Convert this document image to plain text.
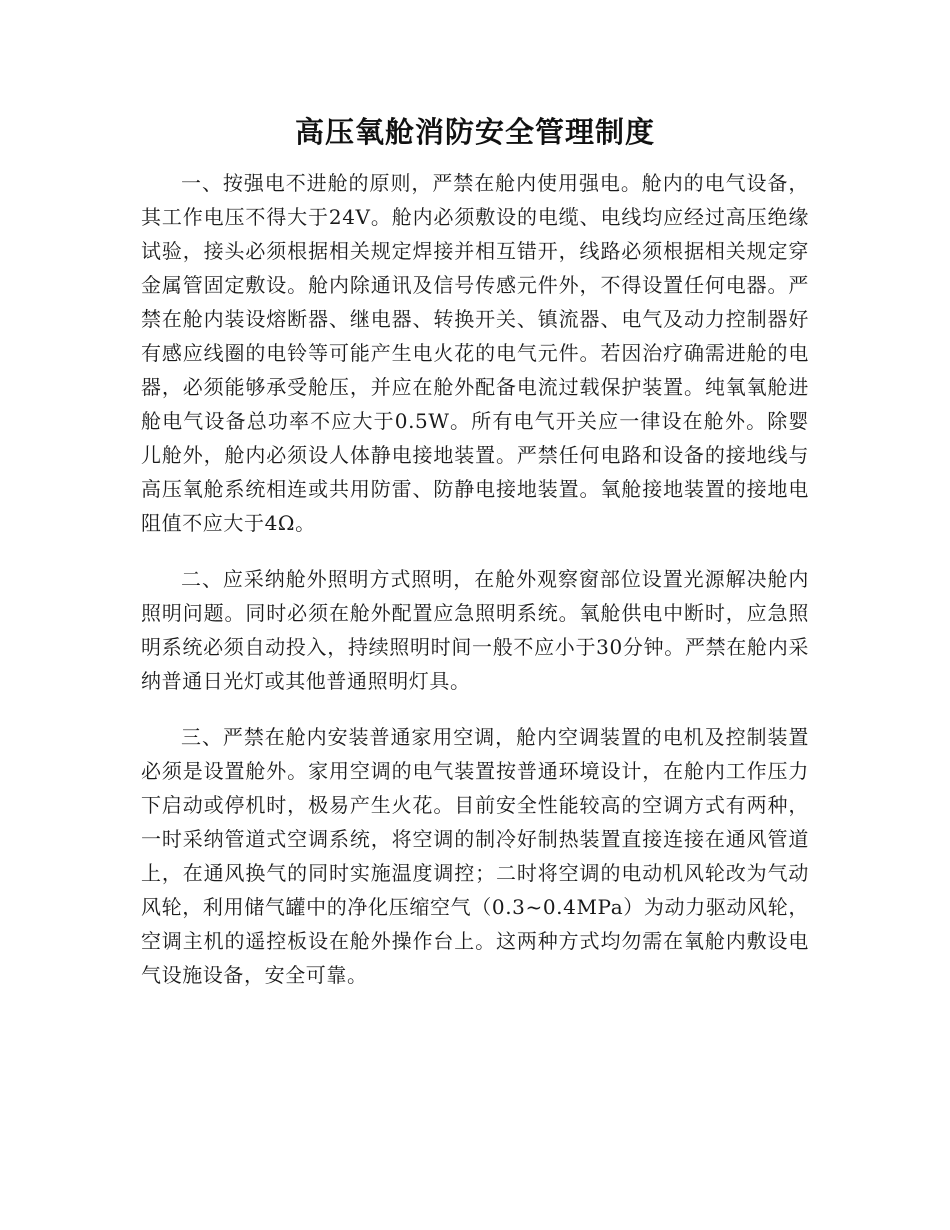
高压氧舱消防安全管理制度

一、按强电不进舱的原则，严禁在舱内使用强电。舱内的电气设备，其工作电压不得大于24V。舱内必须敷设的电缆、电线均应经过高压绝缘试验，接头必须根据相关规定焊接并相互错开，线路必须根据相关规定穿金属管固定敷设。舱内除通讯及信号传感元件外，不得设置任何电器。严禁在舱内装设熔断器、继电器、转换开关、镇流器、电气及动力控制器好有感应线圈的电铃等可能产生电火花的电气元件。若因治疗确需进舱的电器，必须能够承受舱压，并应在舱外配备电流过载保护装置。纯氧氧舱进舱电气设备总功率不应大于0.5W。所有电气开关应一律设在舱外。除婴儿舱外，舱内必须设人体静电接地装置。严禁任何电路和设备的接地线与高压氧舱系统相连或共用防雷、防静电接地装置。氧舱接地装置的接地电阻值不应大于4Ω。

二、应采纳舱外照明方式照明，在舱外观察窗部位设置光源解决舱内照明问题。同时必须在舱外配置应急照明系统。氧舱供电中断时，应急照明系统必须自动投入，持续照明时间一般不应小于30分钟。严禁在舱内采纳普通日光灯或其他普通照明灯具。

三、严禁在舱内安装普通家用空调，舱内空调装置的电机及控制装置必须是设置舱外。家用空调的电气装置按普通环境设计，在舱内工作压力下启动或停机时，极易产生火花。目前安全性能较高的空调方式有两种，一时采纳管道式空调系统，将空调的制冷好制热装置直接连接在通风管道上，在通风换气的同时实施温度调控；二时将空调的电动机风轮改为气动风轮，利用储气罐中的净化压缩空气（0.3~0.4MPa）为动力驱动风轮，空调主机的遥控板设在舱外操作台上。这两种方式均勿需在氧舱内敷设电气设施设备，安全可靠。
